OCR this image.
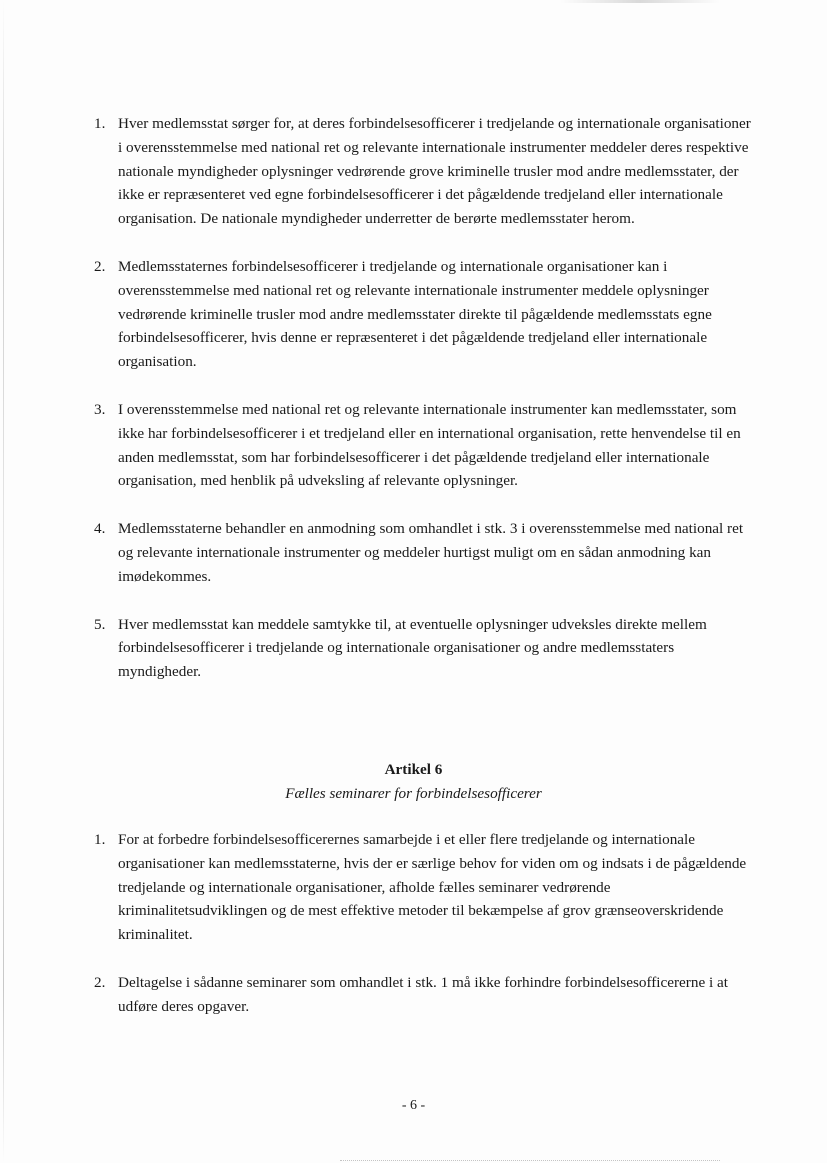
1. Hver medlemsstat sørger for, at deres forbindelsesofficerer i tredjelande og internationale organisationer i overensstemmelse med national ret og relevante internationale instrumenter meddeler deres respektive nationale myndigheder oplysninger vedrørende grove kriminelle trusler mod andre medlemsstater, der ikke er repræsenteret ved egne forbindelsesofficerer i det pågældende tredjeland eller internationale organisation. De nationale myndigheder underretter de berørte medlemsstater herom.
2. Medlemsstaternes forbindelsesofficerer i tredjelande og internationale organisationer kan i overensstemmelse med national ret og relevante internationale instrumenter meddele oplysninger vedrørende kriminelle trusler mod andre medlemsstater direkte til pågældende medlemsstats egne forbindelsesofficerer, hvis denne er repræsenteret i det pågældende tredjeland eller internationale organisation.
3. I overensstemmelse med national ret og relevante internationale instrumenter kan medlemsstater, som ikke har forbindelsesofficerer i et tredjeland eller en international organisation, rette henvendelse til en anden medlemsstat, som har forbindelsesofficerer i det pågældende tredjeland eller internationale organisation, med henblik på udveksling af relevante oplysninger.
4. Medlemsstaterne behandler en anmodning som omhandlet i stk. 3 i overensstemmelse med national ret og relevante internationale instrumenter og meddeler hurtigst muligt om en sådan anmodning kan imødekommes.
5. Hver medlemsstat kan meddele samtykke til, at eventuelle oplysninger udveksles direkte mellem forbindelsesofficerer i tredjelande og internationale organisationer og andre medlemsstaters myndigheder.
Artikel 6
Fælles seminarer for forbindelsesofficerer
1. For at forbedre forbindelsesofficerernes samarbejde i et eller flere tredjelande og internationale organisationer kan medlemsstaterne, hvis der er særlige behov for viden om og indsats i de pågældende tredjelande og internationale organisationer, afholde fælles seminarer vedrørende kriminalitetsudviklingen og de mest effektive metoder til bekæmpelse af grov grænseoverskridende kriminalitet.
2. Deltagelse i sådanne seminarer som omhandlet i stk. 1 må ikke forhindre forbindelsesofficererne i at udføre deres opgaver.
- 6 -
